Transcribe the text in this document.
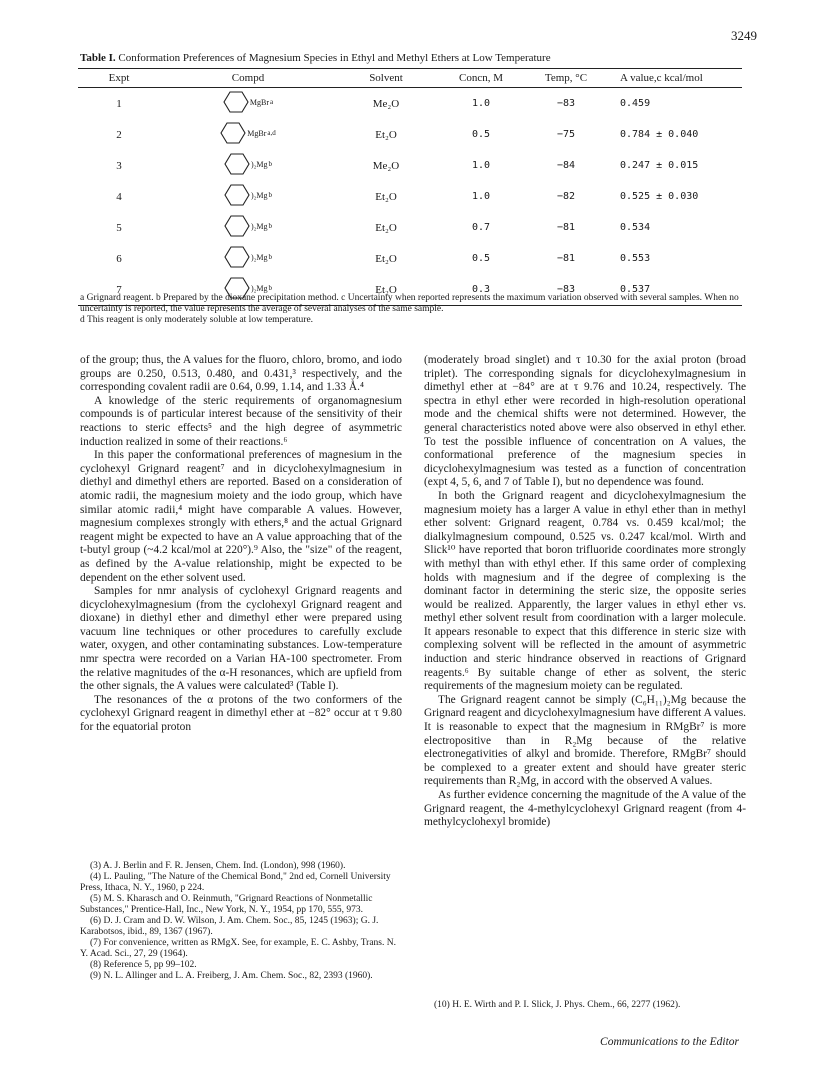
3249
Table I. Conformation Preferences of Magnesium Species in Ethyl and Methyl Ethers at Low Temperature
Expt	Compd	Solvent	Concn, M	Temp, °C	A value,c kcal/mol
1	MgBr a	Me₂O	1.0	−83	0.459
2	MgBr a,d	Et₂O	0.5	−75	0.784 ± 0.040
3	)₂Mg b	Me₂O	1.0	−84	0.247 ± 0.015
4	)₂Mg b	Et₂O	1.0	−82	0.525 ± 0.030
5	)₂Mg b	Et₂O	0.7	−81	0.534
6	)₂Mg b	Et₂O	0.5	−81	0.553
7	)₂Mg b	Et₂O	0.3	−83	0.537

a Grignard reagent. b Prepared by the dioxane precipitation method. c Uncertainty when reported represents the maximum variation observed with several samples. When no uncertainty is reported, the value represents the average of several analyses of the same sample.

d This reagent is only moderately soluble at low temperature.

of the group; thus, the A values for the fluoro, chloro, bromo, and iodo groups are 0.250, 0.513, 0.480, and 0.431,³ respectively, and the corresponding covalent radii are 0.64, 0.99, 1.14, and 1.33 Å.⁴

A knowledge of the steric requirements of organomagnesium compounds is of particular interest because of the sensitivity of their reactions to steric effects⁵ and the high degree of asymmetric induction realized in some of their reactions.⁶

In this paper the conformational preferences of magnesium in the cyclohexyl Grignard reagent⁷ and in dicyclohexylmagnesium in diethyl and dimethyl ethers are reported. Based on a consideration of atomic radii, the magnesium moiety and the iodo group, which have similar atomic radii,⁴ might have comparable A values. However, magnesium complexes strongly with ethers,⁸ and the actual Grignard reagent might be expected to have an A value approaching that of the t-butyl group (~4.2 kcal/mol at 220°).⁹ Also, the "size" of the reagent, as defined by the A-value relationship, might be expected to be dependent on the ether solvent used.

Samples for nmr analysis of cyclohexyl Grignard reagents and dicyclohexylmagnesium (from the cyclohexyl Grignard reagent and dioxane) in diethyl ether and dimethyl ether were prepared using vacuum line techniques or other procedures to carefully exclude water, oxygen, and other contaminating substances. Low-temperature nmr spectra were recorded on a Varian HA-100 spectrometer. From the relative magnitudes of the α-H resonances, which are upfield from the other signals, the A values were calculated³ (Table I).

The resonances of the α protons of the two conformers of the cyclohexyl Grignard reagent in dimethyl ether at −82° occur at τ 9.80 for the equatorial proton

(3) A. J. Berlin and F. R. Jensen, Chem. Ind. (London), 998 (1960).

(4) L. Pauling, "The Nature of the Chemical Bond," 2nd ed, Cornell University Press, Ithaca, N. Y., 1960, p 224.

(5) M. S. Kharasch and O. Reinmuth, "Grignard Reactions of Nonmetallic Substances," Prentice-Hall, Inc., New York, N. Y., 1954, pp 170, 555, 973.

(6) D. J. Cram and D. W. Wilson, J. Am. Chem. Soc., 85, 1245 (1963); G. J. Karabotsos, ibid., 89, 1367 (1967).

(7) For convenience, written as RMgX. See, for example, E. C. Ashby, Trans. N. Y. Acad. Sci., 27, 29 (1964).

(8) Reference 5, pp 99–102.

(9) N. L. Allinger and L. A. Freiberg, J. Am. Chem. Soc., 82, 2393 (1960).

(moderately broad singlet) and τ 10.30 for the axial proton (broad triplet). The corresponding signals for dicyclohexylmagnesium in dimethyl ether at −84° are at τ 9.76 and 10.24, respectively. The spectra in ethyl ether were recorded in high-resolution operational mode and the chemical shifts were not determined. However, the general characteristics noted above were also observed in ethyl ether. To test the possible influence of concentration on A values, the conformational preference of the magnesium species in dicyclohexylmagnesium was tested as a function of concentration (expt 4, 5, 6, and 7 of Table I), but no dependence was found.

In both the Grignard reagent and dicyclohexylmagnesium the magnesium moiety has a larger A value in ethyl ether than in methyl ether solvent: Grignard reagent, 0.784 vs. 0.459 kcal/mol; the dialkylmagnesium compound, 0.525 vs. 0.247 kcal/mol. Wirth and Slick¹⁰ have reported that boron trifluoride coordinates more strongly with methyl than with ethyl ether. If this same order of complexing holds with magnesium and if the degree of complexing is the dominant factor in determining the steric size, the opposite series would be realized. Apparently, the larger values in ethyl ether vs. methyl ether solvent result from coordination with a larger molecule. It appears resonable to expect that this difference in steric size with complexing solvent will be reflected in the amount of asymmetric induction and steric hindrance observed in reactions of Grignard reagents.⁶ By suitable change of ether as solvent, the steric requirements of the magnesium moiety can be regulated.

The Grignard reagent cannot be simply (C₆H₁₁)₂Mg because the Grignard reagent and dicyclohexylmagnesium have different A values. It is reasonable to expect that the magnesium in RMgBr⁷ is more electropositive than in R₂Mg because of the relative electronegativities of alkyl and bromide. Therefore, RMgBr⁷ should be complexed to a greater extent and should have greater steric requirements than R₂Mg, in accord with the observed A values.

As further evidence concerning the magnitude of the A value of the Grignard reagent, the 4-methylcyclohexyl Grignard reagent (from 4-methylcyclohexyl bromide)

(10) H. E. Wirth and P. I. Slick, J. Phys. Chem., 66, 2277 (1962).
Communications to the Editor
